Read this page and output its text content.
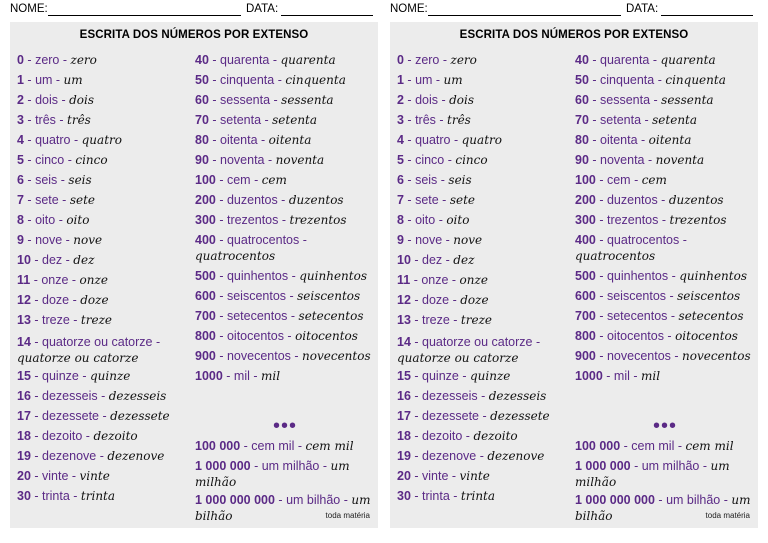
NOME:	DATA:
ESCRITA DOS NÚMEROS POR EXTENSO
0 - zero - zero
1 - um - um
2 - dois - dois
3 - três - três
4 - quatro - quatro
5 - cinco - cinco
6 - seis - seis
7 - sete - sete
8 - oito - oito
9 - nove - nove
10 - dez - dez
11 - onze - onze
12 - doze - doze
13 - treze - treze
14 - quatorze ou catorze - quatorze ou catorze
15 - quinze - quinze
16 - dezesseis - dezesseis
17 - dezessete - dezessete
18 - dezoito - dezoito
19 - dezenove - dezenove
20 - vinte - vinte
30 - trinta - trinta
•••
40 - quarenta - quarenta
50 - cinquenta - cinquenta
60 - sessenta - sessenta
70 - setenta - setenta
80 - oitenta - oitenta
90 - noventa - noventa
100 - cem - cem
200 - duzentos - duzentos
300 - trezentos - trezentos
400 - quatrocentos - quatrocentos
500 - quinhentos - quinhentos
600 - seiscentos - seiscentos
700 - setecentos - setecentos
800 - oitocentos - oitocentos
900 - novecentos - novecentos
1000 - mil - mil
100 000 - cem mil - cem mil
1 000 000 - um milhão - um milhão
1 000 000 000 - um bilhão - um bilhão	toda matéria
NOME:	DATA:
ESCRITA DOS NÚMEROS POR EXTENSO
0 - zero - zero
1 - um - um
2 - dois - dois
3 - três - três
4 - quatro - quatro
5 - cinco - cinco
6 - seis - seis
7 - sete - sete
8 - oito - oito
9 - nove - nove
10 - dez - dez
11 - onze - onze
12 - doze - doze
13 - treze - treze
14 - quatorze ou catorze - quatorze ou catorze
15 - quinze - quinze
16 - dezesseis - dezesseis
17 - dezessete - dezessete
18 - dezoito - dezoito
19 - dezenove - dezenove
20 - vinte - vinte
30 - trinta - trinta
•••
40 - quarenta - quarenta
50 - cinquenta - cinquenta
60 - sessenta - sessenta
70 - setenta - setenta
80 - oitenta - oitenta
90 - noventa - noventa
100 - cem - cem
200 - duzentos - duzentos
300 - trezentos - trezentos
400 - quatrocentos - quatrocentos
500 - quinhentos - quinhentos
600 - seiscentos - seiscentos
700 - setecentos - setecentos
800 - oitocentos - oitocentos
900 - novecentos - novecentos
1000 - mil - mil
100 000 - cem mil - cem mil
1 000 000 - um milhão - um milhão
1 000 000 000 - um bilhão - um bilhão	toda matéria
